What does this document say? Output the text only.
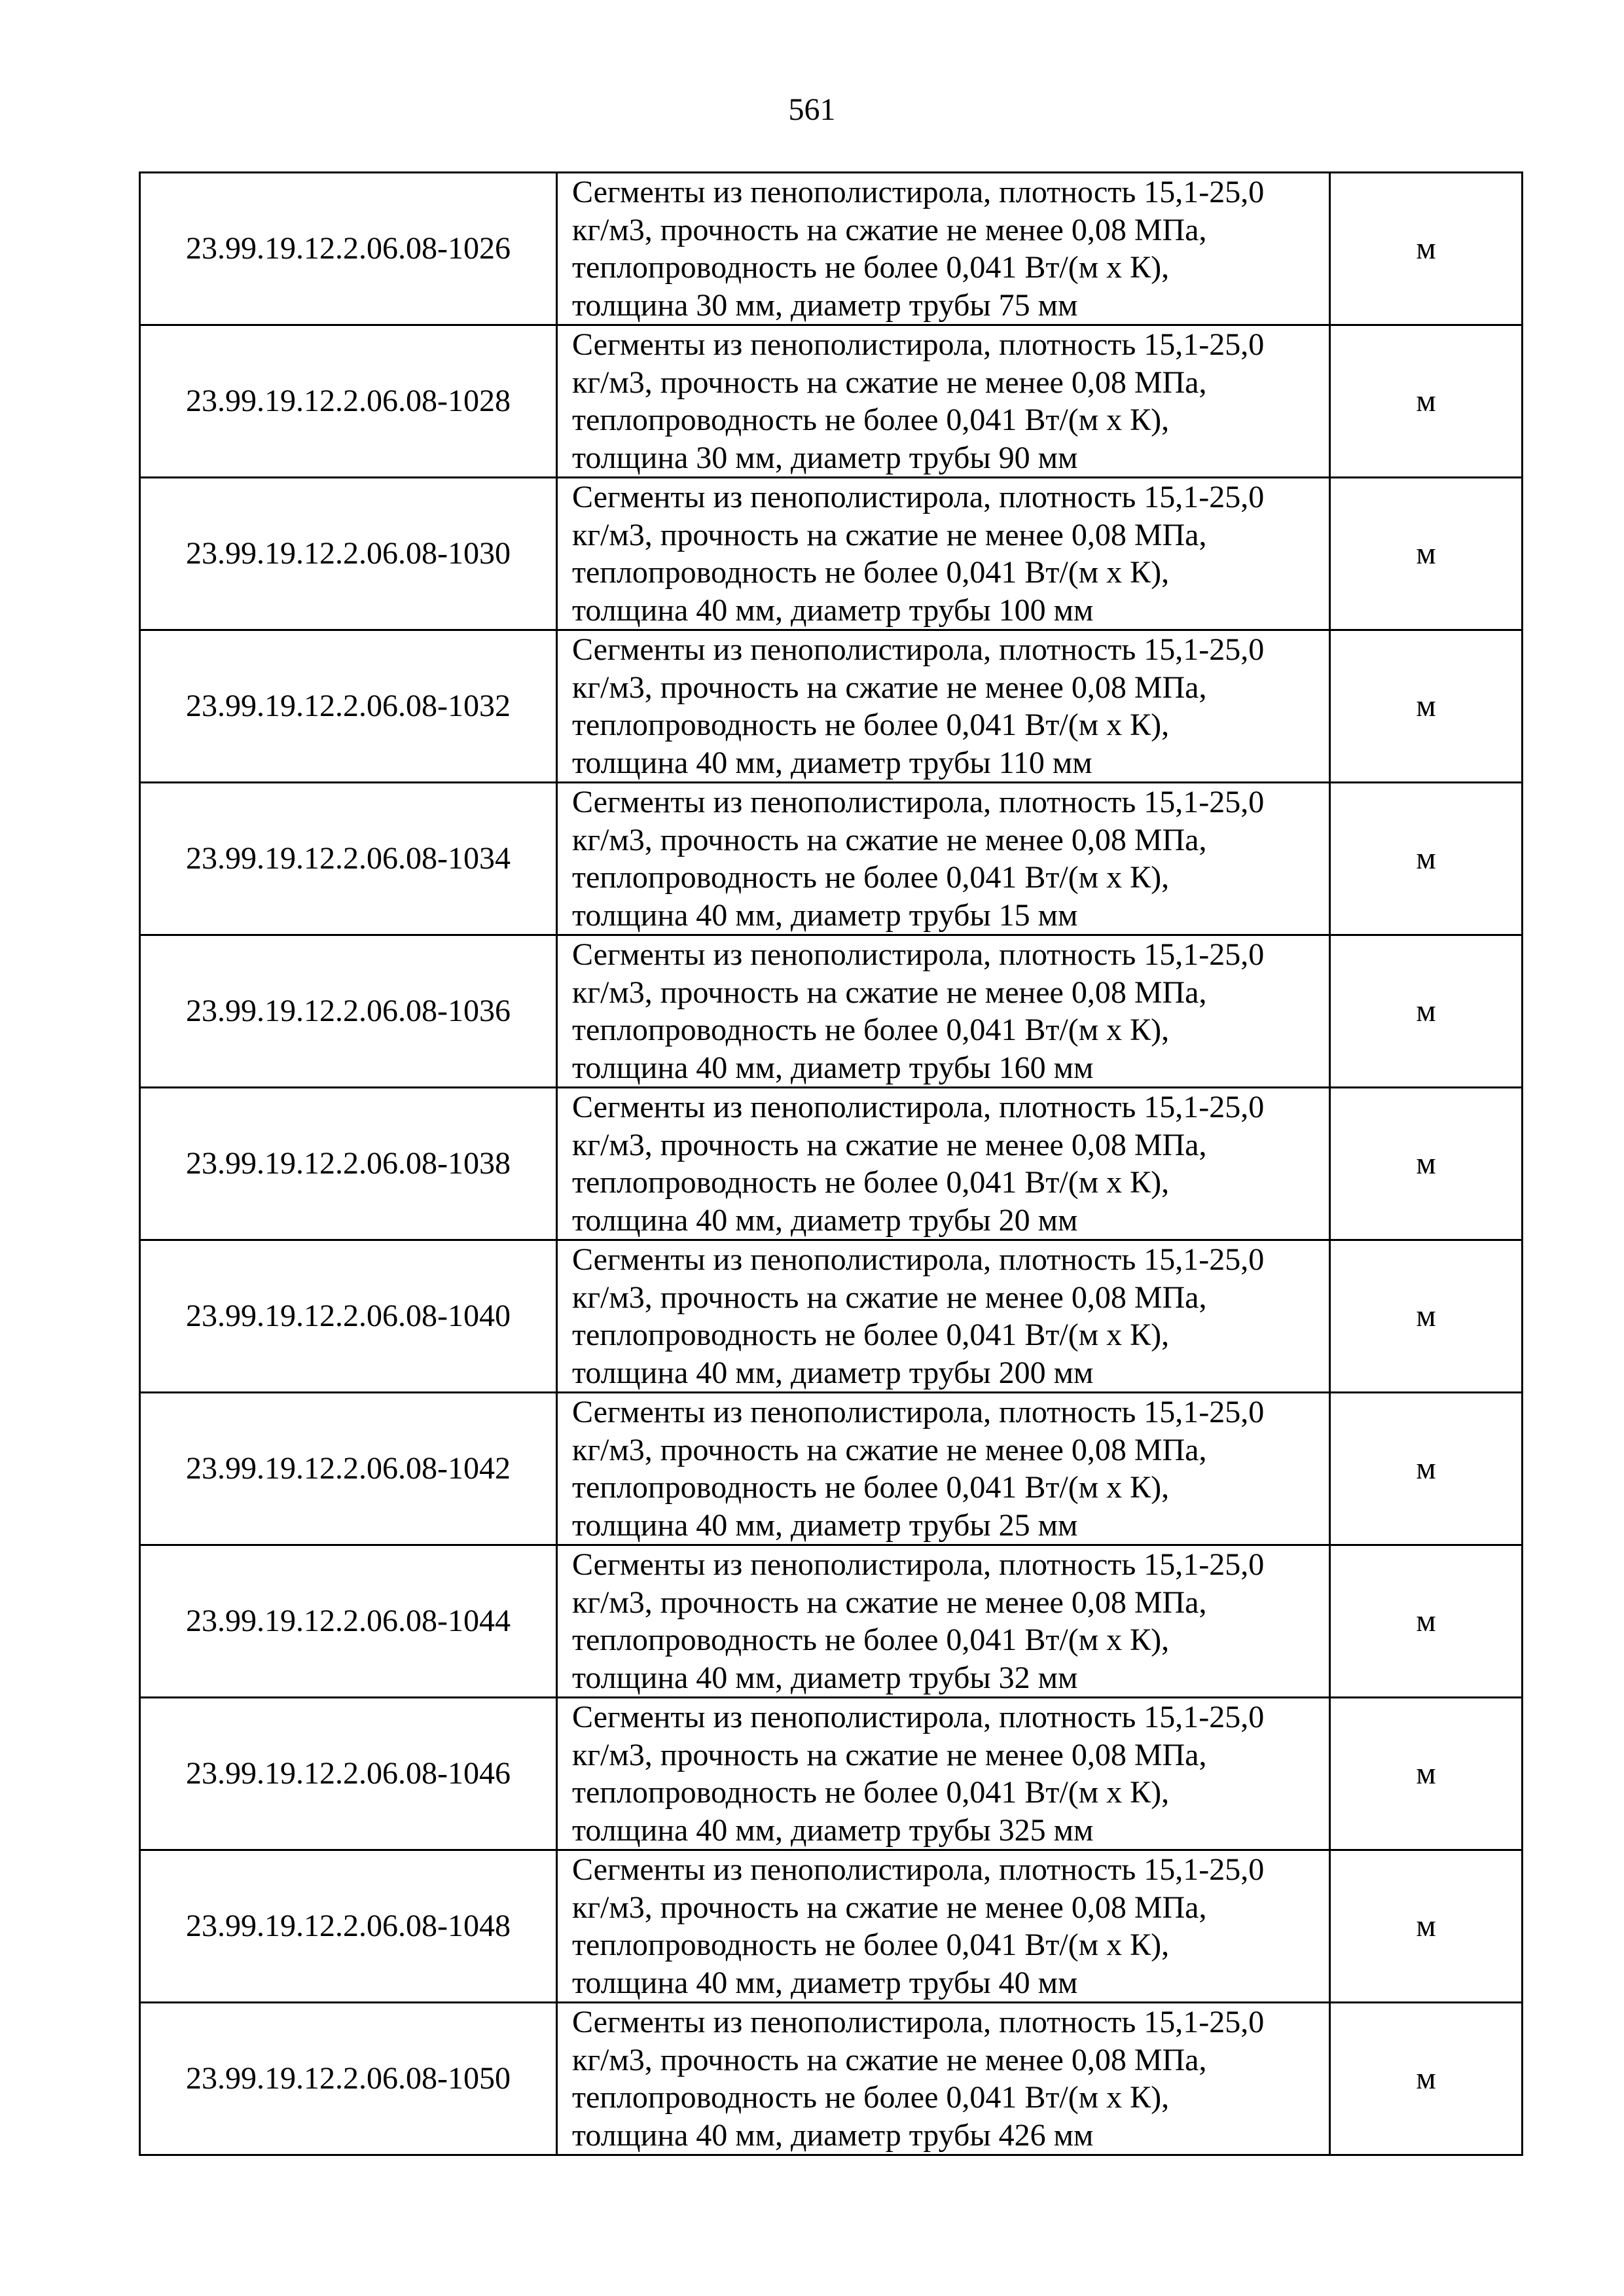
561
23.99.19.12.2.06.08-1026	Сегменты из пенополистирола, плотность 15,1-25,0
кг/м3, прочность на сжатие не менее 0,08 МПа,
теплопроводность не более 0,041 Вт/(м х К),
толщина 30 мм, диаметр трубы 75 мм	м
23.99.19.12.2.06.08-1028	Сегменты из пенополистирола, плотность 15,1-25,0
кг/м3, прочность на сжатие не менее 0,08 МПа,
теплопроводность не более 0,041 Вт/(м х К),
толщина 30 мм, диаметр трубы 90 мм	м
23.99.19.12.2.06.08-1030	Сегменты из пенополистирола, плотность 15,1-25,0
кг/м3, прочность на сжатие не менее 0,08 МПа,
теплопроводность не более 0,041 Вт/(м х К),
толщина 40 мм, диаметр трубы 100 мм	м
23.99.19.12.2.06.08-1032	Сегменты из пенополистирола, плотность 15,1-25,0
кг/м3, прочность на сжатие не менее 0,08 МПа,
теплопроводность не более 0,041 Вт/(м х К),
толщина 40 мм, диаметр трубы 110 мм	м
23.99.19.12.2.06.08-1034	Сегменты из пенополистирола, плотность 15,1-25,0
кг/м3, прочность на сжатие не менее 0,08 МПа,
теплопроводность не более 0,041 Вт/(м х К),
толщина 40 мм, диаметр трубы 15 мм	м
23.99.19.12.2.06.08-1036	Сегменты из пенополистирола, плотность 15,1-25,0
кг/м3, прочность на сжатие не менее 0,08 МПа,
теплопроводность не более 0,041 Вт/(м х К),
толщина 40 мм, диаметр трубы 160 мм	м
23.99.19.12.2.06.08-1038	Сегменты из пенополистирола, плотность 15,1-25,0
кг/м3, прочность на сжатие не менее 0,08 МПа,
теплопроводность не более 0,041 Вт/(м х К),
толщина 40 мм, диаметр трубы 20 мм	м
23.99.19.12.2.06.08-1040	Сегменты из пенополистирола, плотность 15,1-25,0
кг/м3, прочность на сжатие не менее 0,08 МПа,
теплопроводность не более 0,041 Вт/(м х К),
толщина 40 мм, диаметр трубы 200 мм	м
23.99.19.12.2.06.08-1042	Сегменты из пенополистирола, плотность 15,1-25,0
кг/м3, прочность на сжатие не менее 0,08 МПа,
теплопроводность не более 0,041 Вт/(м х К),
толщина 40 мм, диаметр трубы 25 мм	м
23.99.19.12.2.06.08-1044	Сегменты из пенополистирола, плотность 15,1-25,0
кг/м3, прочность на сжатие не менее 0,08 МПа,
теплопроводность не более 0,041 Вт/(м х К),
толщина 40 мм, диаметр трубы 32 мм	м
23.99.19.12.2.06.08-1046	Сегменты из пенополистирола, плотность 15,1-25,0
кг/м3, прочность на сжатие не менее 0,08 МПа,
теплопроводность не более 0,041 Вт/(м х К),
толщина 40 мм, диаметр трубы 325 мм	м
23.99.19.12.2.06.08-1048	Сегменты из пенополистирола, плотность 15,1-25,0
кг/м3, прочность на сжатие не менее 0,08 МПа,
теплопроводность не более 0,041 Вт/(м х К),
толщина 40 мм, диаметр трубы 40 мм	м
23.99.19.12.2.06.08-1050	Сегменты из пенополистирола, плотность 15,1-25,0
кг/м3, прочность на сжатие не менее 0,08 МПа,
теплопроводность не более 0,041 Вт/(м х К),
толщина 40 мм, диаметр трубы 426 мм	м
